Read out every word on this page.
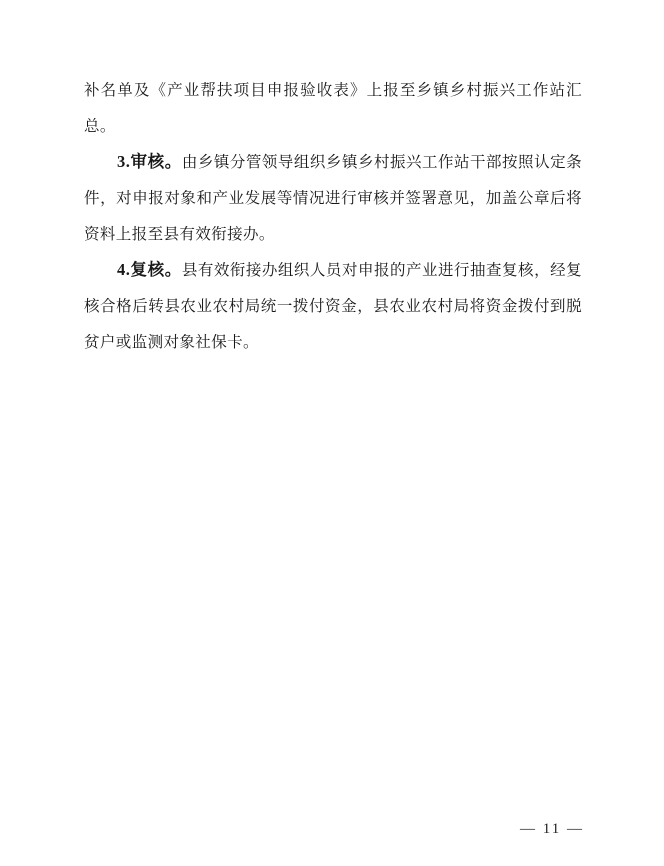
补名单及《产业帮扶项目申报验收表》上报至乡镇乡村振兴工作站汇总。

3.审核。由乡镇分管领导组织乡镇乡村振兴工作站干部按照认定条件，对申报对象和产业发展等情况进行审核并签署意见，加盖公章后将资料上报至县有效衔接办。

4.复核。县有效衔接办组织人员对申报的产业进行抽查复核，经复核合格后转县农业农村局统一拨付资金，县农业农村局将资金拨付到脱贫户或监测对象社保卡。

— 11 —
